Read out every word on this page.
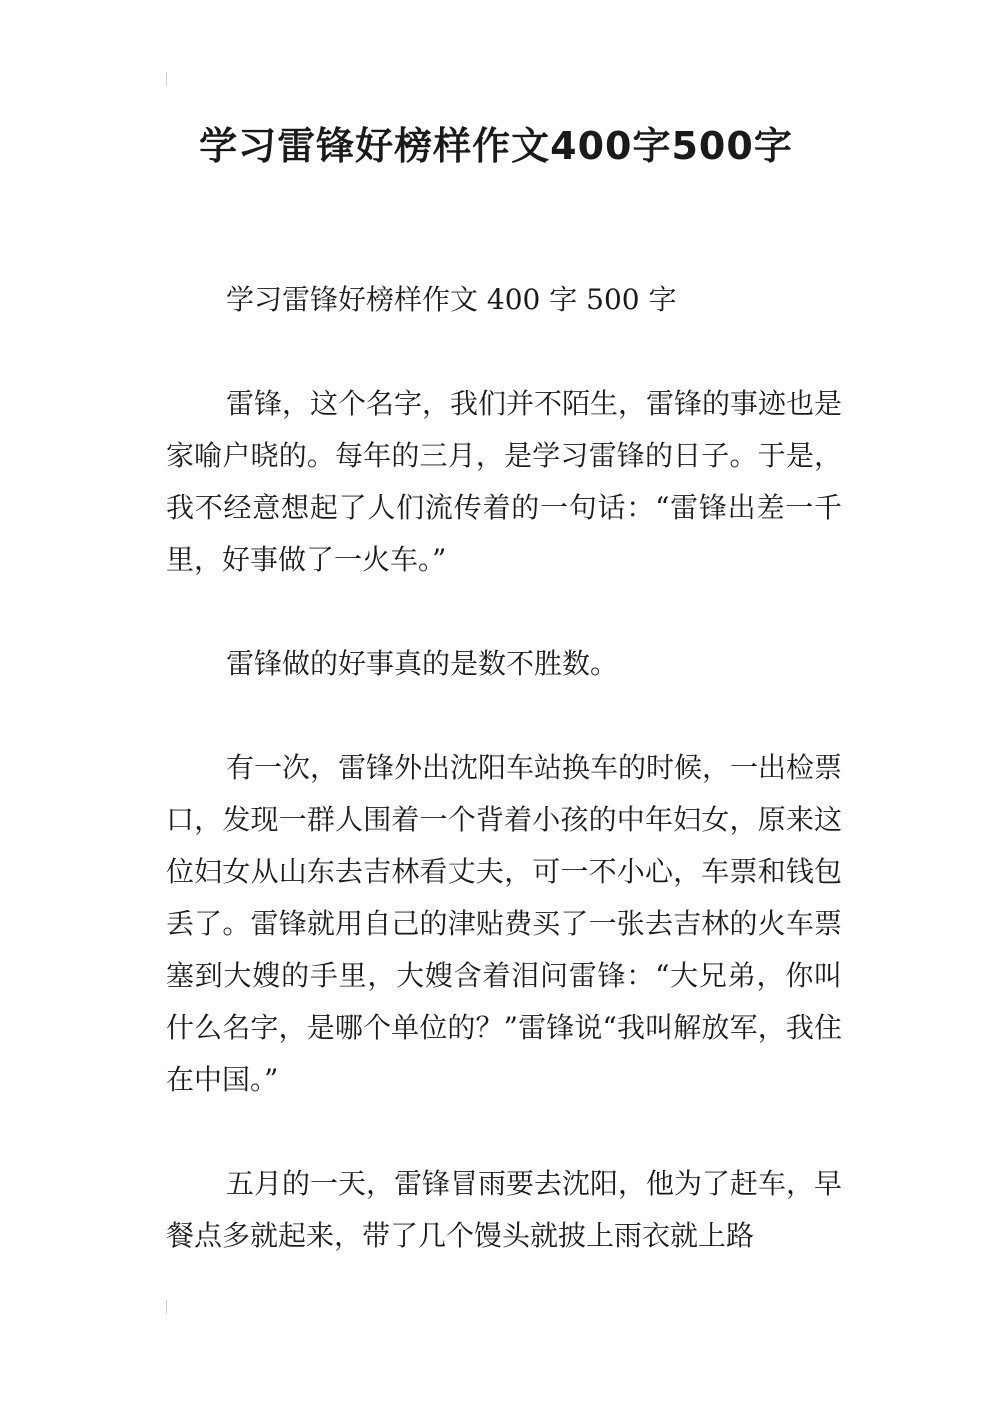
学习雷锋好榜样作文400字500字

学习雷锋好榜样作文 400 字 500 字

雷锋，这个名字，我们并不陌生，雷锋的事迹也是家喻户晓的。每年的三月，是学习雷锋的日子。于是，我不经意想起了人们流传着的一句话：“雷锋出差一千里，好事做了一火车。”

雷锋做的好事真的是数不胜数。

有一次，雷锋外出沈阳车站换车的时候，一出检票口，发现一群人围着一个背着小孩的中年妇女，原来这位妇女从山东去吉林看丈夫，可一不小心，车票和钱包丢了。雷锋就用自己的津贴费买了一张去吉林的火车票塞到大嫂的手里，大嫂含着泪问雷锋：“大兄弟，你叫什么名字，是哪个单位的？”雷锋说“我叫解放军，我住在中国。”

五月的一天，雷锋冒雨要去沈阳，他为了赶车，早餐点多就起来，带了几个馒头就披上雨衣就上路
